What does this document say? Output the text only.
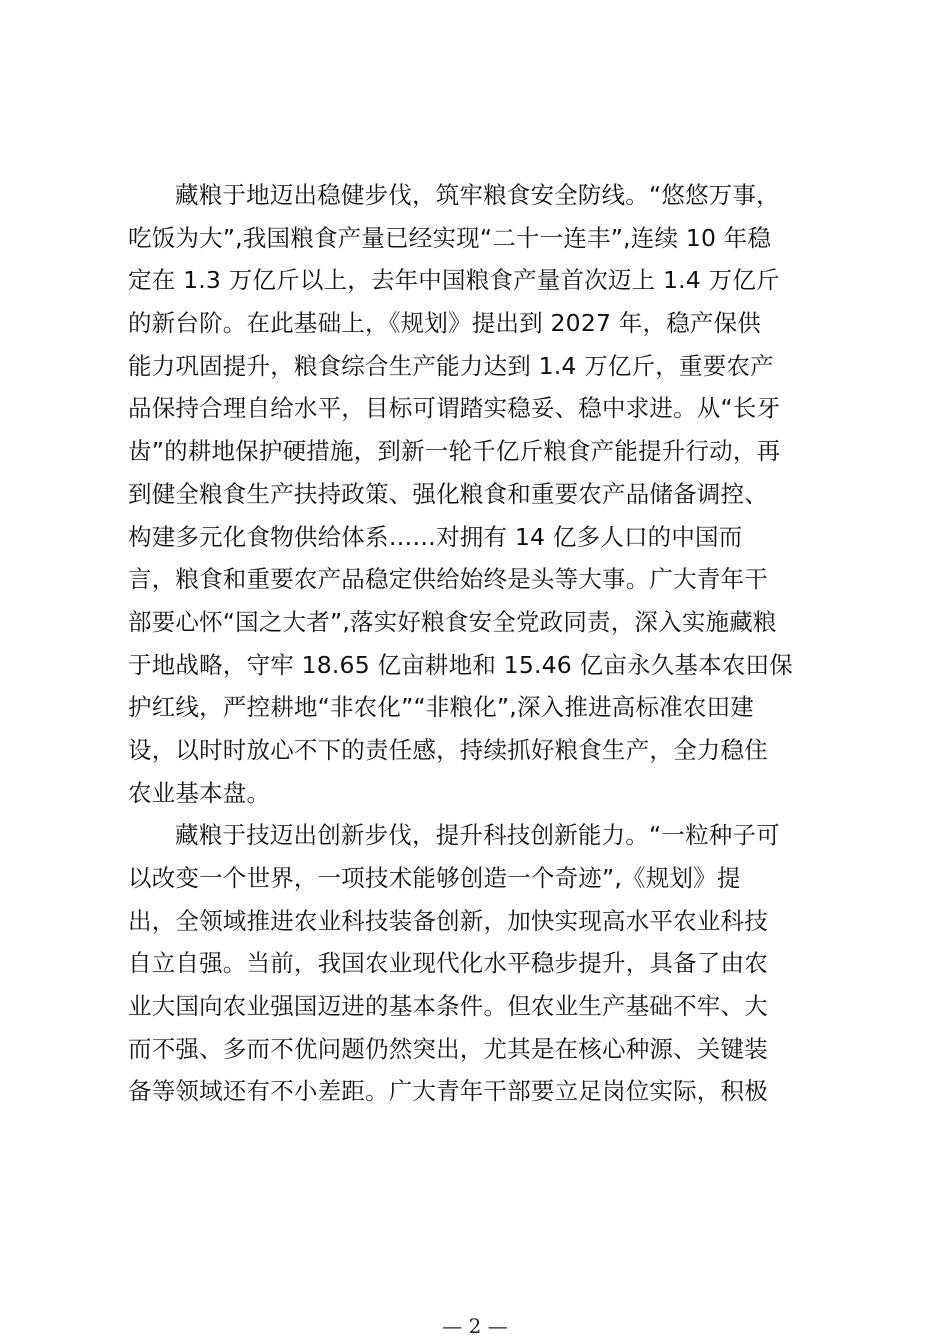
藏粮于地迈出稳健步伐，筑牢粮食安全防线。“悠悠万事，
吃饭为大”,我国粮食产量已经实现“二十一连丰”,连续 10 年稳
定在 1.3 万亿斤以上，去年中国粮食产量首次迈上 1.4 万亿斤
的新台阶。在此基础上，《规划》提出到 2027 年，稳产保供
能力巩固提升，粮食综合生产能力达到 1.4 万亿斤，重要农产
品保持合理自给水平，目标可谓踏实稳妥、稳中求进。从“长牙
齿”的耕地保护硬措施，到新一轮千亿斤粮食产能提升行动，再
到健全粮食生产扶持政策、强化粮食和重要农产品储备调控、
构建多元化食物供给体系……对拥有 14 亿多人口的中国而
言，粮食和重要农产品稳定供给始终是头等大事。广大青年干
部要心怀“国之大者”,落实好粮食安全党政同责，深入实施藏粮
于地战略，守牢 18.65 亿亩耕地和 15.46 亿亩永久基本农田保
护红线，严控耕地“非农化”“非粮化”,深入推进高标准农田建
设，以时时放心不下的责任感，持续抓好粮食生产，全力稳住
农业基本盘。
藏粮于技迈出创新步伐，提升科技创新能力。“一粒种子可
以改变一个世界，一项技术能够创造一个奇迹”,《规划》提
出，全领域推进农业科技装备创新，加快实现高水平农业科技
自立自强。当前，我国农业现代化水平稳步提升，具备了由农
业大国向农业强国迈进的基本条件。但农业生产基础不牢、大
而不强、多而不优问题仍然突出，尤其是在核心种源、关键装
备等领域还有不小差距。广大青年干部要立足岗位实际，积极
— 2 —
